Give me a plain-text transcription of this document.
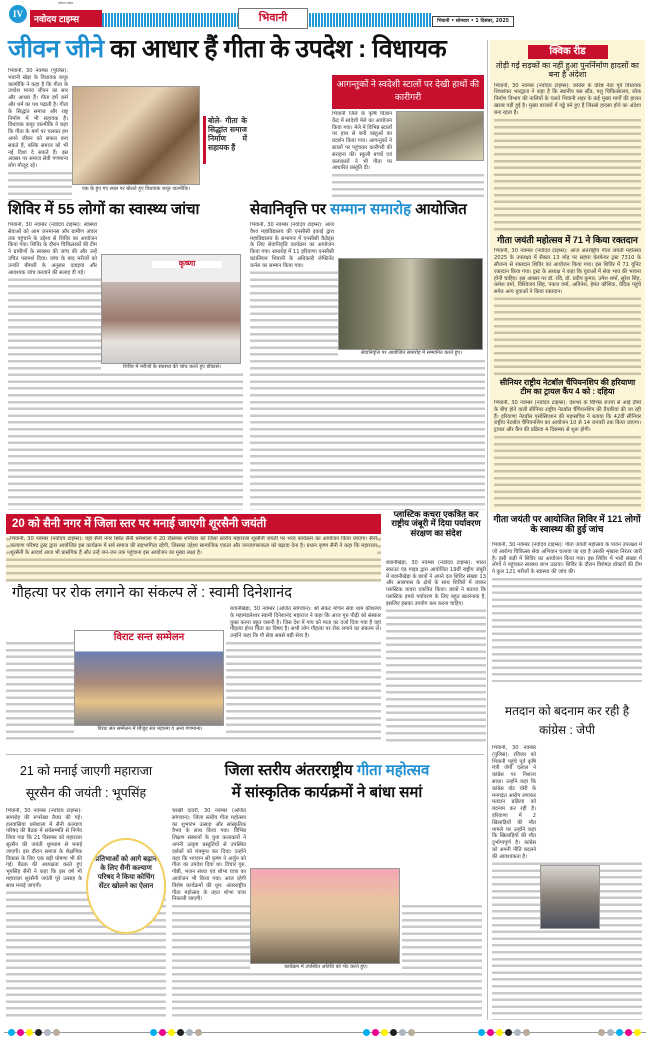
IV
नवोदय टाइम्स
नवोदय टाइम्स	भिवानी	भिवानी • सोमवार • 1 दिसंबर, 2025
जीवन जीने का आधार हैं गीता के उपदेश : विधायक
एक के हुए गए स्थल पर बोलते हुए विधायक कपूर वाल्मीकि।
बोले- गीता के सिद्धांत समाज निर्माण में सहायक हैं

भिवानी, 30 नवम्बर (पुलिस): भवानी खेड़ा के विधायक कपूर वाल्मीकि ने कहा है कि गीता के उपदेश मानव जीवन का सार और आधार हैं। गीता हमें कर्म और धर्म का पथ पढ़ाती है। गीता के सिद्धांत समाज और राष्ट्र निर्माण में भी सहायक हैं। विधायक कपूर वाल्मीकि ने कहा कि गीता के मार्ग पर चलकर हम अपने जीवन को सफल बना सकते हैं, बल्कि समाज को भी नई दिशा दे सकते हैं। इस अवसर पर समाज सेवी गणमान्य लोग मौजूद रहे।

आगन्तुकों ने स्वदेशी स्टालों पर देखी हाथों की कारीगरी

भिवानी जिले के कृषि विज्ञान केंद्र में स्वदेशी मेले का आयोजन किया गया। मेले में विभिन्न स्टालों पर हाथ से बनी वस्तुओं का प्रदर्शन किया गया। आगन्तुकों ने स्टालों पर पहुंचकर कारीगरी की सराहना की। स्कूली बच्चों एवं कलाकारों ने भी गीता पर आधारित प्रस्तुति दी।

शिविर में 55 लोगों का स्वास्थ्य जांचा
कृष्णा
शिविर में मरीजों के स्वास्थ्य की जांच करते हुए डॉक्टर्स।

भिवानी, 30 नवम्बर (नवोदय टाइम्स): स्वास्थ्य सेवाओं को आम जनमानस और ग्रामीण अंचल तक पहुंचाने के उद्देश्य से शिविर का आयोजन किया गया। शिविर के दौरान चिकित्सकों की टीम ने ग्रामीणों के स्वास्थ्य की जांच की और उन्हें उचित परामर्श दिया। जांच के बाद मरीजों को उनकी बीमारी के अनुसार दवाइयां और आवश्यक जांच करवाने की सलाह दी गई।

सेवानिवृत्ति पर सम्मान समारोह आयोजित
सेवानिवृत्ति पर आयोजित समारोह में सम्मानित करते हुए।

भिवानी, 30 नवम्बर (नवोदय टाइम्स): आज वैश्य महाविद्यालय की एनसीसी इकाई द्वारा महाविद्यालय के सभागार में एनसीसी कैडेट्स के लिए सेवानिवृत्ति कार्यक्रम का आयोजन किया गया। समारोह में 11 हरियाणा एनसीसी बटालियन भिवानी के अधिकारी लेफ्टिनेंट कर्नल का सम्मान किया गया।

क्विक रीड
तोड़ी गई सड़कों का नहीं हुआ पुनर्निर्माण हादसों का बना है अंदेशा

भिवानी, 30 नवम्बर (नवोदय टाइम्स): कांग्रेस के वरिष्ठ नेता पूर्व विधायक शिवशंकर भारद्वाज ने कहा है कि स्थानीय बस स्टैंड, पशु चिकित्सालय, लोक निर्माण विभाग की नालियों के चलते भिवानी शहर के कई मुख्य मार्गों की हालत खराब पड़ी हुई है। मुख्य बाजारों में गड्ढे बने हुए हैं जिससे हादसा होने का अंदेशा बना रहता है।

गीता जयंती महोत्सव में 71 ने किया रक्तदान

भिवानी, 30 नवम्बर (नवोदय टाइम्स): आज अंतर्राष्ट्रीय गीता जयंती महोत्सव 2025 के उपलक्ष्य में सैक्टर 13 मोड़ पर सहारा वेलफेयर ट्रस्ट 7310 के सौजन्य से रक्तदान शिविर का आयोजन किया गया। इस शिविर में 71 यूनिट रक्तदान किया गया। ट्रस्ट के अध्यक्ष ने कहा कि युवाओं में सेवा भाव की भावना होनी चाहिए। इस अवसर पर डॉ. रवि, डॉ. प्रदीप कुमार, उमेश शर्मा, सुरेश सिंह, कमेश वर्मा, विश्विजय सिंह, पंकज वर्मा, अविनेश, हेमंत कौशिक, वेदिक पहूंचे समेत अन्य युवाओं ने किया रक्तदान।

सीनियर राष्ट्रीय नेटबॉल चैंपियनशिप की हरियाणा टीम का ट्रायल कैंप 4 को : दहिया

भिवानी, 30 नवम्बर (नवोदय टाइम्स): देशभर के विभिन्न राज्यों से आई टीमों के बीच होने वाली सीनियर राष्ट्रीय नेटबॉल चैंपियनशिप की तैयारियां की जा रही हैं। हरियाणा नेटबॉल एसोसिएशन की महासचिव ने बताया कि 42वीं सीनियर राष्ट्रीय नेटबॉल चैंपियनशिप का आयोजन 10 से 14 जनवरी तक किया जाएगा। ट्रायल और कैंप की प्रक्रिया 4 दिसम्बर से शुरू होगी।

गीता जयंती पर आयोजित शिविर में 121 लोगों के स्वास्थ्य की हुई जांच

भिवानी, 30 नवम्बर (नवोदय टाइम्स): गीता जयंती महोत्सव के पावन उपलक्ष्य में जो आरोग्य चिकित्सा सेवा अभियान चलाया जा रहा है उसकी शृंखला निरंतर जारी है। इसी कड़ी में शिविर का आयोजन किया गया। इस शिविर में भारी संख्या में लोगों ने पहुंचकर स्वास्थ्य लाभ उठाया। शिविर के दौरान विशेषज्ञ डॉक्टरों की टीम ने कुल 121 मरीजों के स्वास्थ्य की जांच की।

20 को सैनी नगर में जिला स्तर पर मनाई जाएगी शूरसैनी जयंती

भिवानी, 30 नवम्बर (नवोदय टाइम्स): यहां सैनी नगर स्थित सैनी धर्मशाला में 20 दिसम्बर शनिवार को जिला स्तरीय महाराजा शूरसैनी जयंती पर भव्य कार्यक्रम का आयोजन किया जाएगा। सैनी कल्याण परिषद ट्रस्ट द्वारा आयोजित इस कार्यक्रम में सर्व समाज की सहभागिता रहेगी, जिसका उद्देश्य सामाजिक एकता और जनजागरूकता को बढ़ावा देना है। प्रधान कृष्ण सैनी ने कहा कि महाराजा शूरसैनी के आदर्श आज भी प्रासंगिक हैं और उन्हें जन-जन तक पहुंचाना इस आयोजन का मुख्य लक्ष्य है।

प्लास्टिक कचरा एकत्रित कर राष्ट्रीय जंबूरी में दिया पर्यावरण संरक्षण का संदेश

बवानीखेड़ा, 30 नवम्बर (नवोदय टाइम्स): भारत स्काउट एंड गाइड द्वारा आयोजित 19वीं राष्ट्रीय जंबूरी में बवानीखेड़ा के छात्रों ने अपने दल शिविर संख्या 13 और आसपास के क्षेत्रों के साथ शिविरों में जाकर प्लास्टिक कचरा एकत्रित किया। छात्रों ने बताया कि प्लास्टिक हमारे पर्यावरण के लिए बहुत खतरनाक है, इसलिए इसका उपयोग कम करना चाहिए।

गौहत्या पर रोक लगाने का संकल्प लें : स्वामी दिनेशानंद
विराट सन्त सम्मेलन
विराट संत सम्मेलन में मौजूद संत महात्मा व अन्य गणमान्य।

बवानीखेड़ा, 30 नवम्बर (अजित सांगवान): श्री संकट मोचन सेवा धाम कौशल्या के महामंडलेश्वर स्वामी दिनेशानंद महाराज ने कहा कि आज गुरु पीढ़ी को संस्कार युक्त करना बहुत जरूरी है। जिस देश में गाय को माता का दर्जा दिया गया है वहां गौहत्या होना चिंता का विषय है। सभी लोग गौहत्या पर रोक लगाने का संकल्प लें। उन्होंने कहा कि गौ सेवा सबसे बड़ी सेवा है।

21 को मनाई जाएगी महाराजा सूरसैन की जयंती : भूपसिंह
प्रतिभाओं को आगे बढ़ाने के लिए सैनी कल्याण परिषद ने किया कोचिंग सेंटर खोलने का ऐलान

भिवानी, 30 नवम्बर (नवोदय टाइम्स): समारोह की रूपरेखा तैयार की गई। हलवासिया धर्मशाला में सैनी कल्याण परिषद की बैठक में सर्वसम्मति से निर्णय लिया गया कि 21 दिसम्बर को महाराजा सूरसैन की जयंती धूमधाम से मनाई जाएगी। इस दौरान समाज के शैक्षणिक विकास के लिए एक बड़ी घोषणा भी की गई। बैठक की अध्यक्षता करते हुए भूपसिंह सैनी ने कहा कि इस वर्ष भी महाराजा शूरसैनी जयंती पूरे उत्साह के साथ मनाई जाएगी।

जिला स्तरीय अंतरराष्ट्रीय गीता महोत्सव
में सांस्कृतिक कार्यक्रमों ने बांधा समां
कार्यक्रम में उपस्थित अतिथि को भेंट करते हुए।

चरखी दादरी, 30 नवम्बर (अजित सांगवान): जिला स्तरीय गीता महोत्सव का शुभारंभ उत्साह और सांस्कृतिक वैभव के साथ किया गया। विभिन्न शिक्षण संस्थानों के युवा कलाकारों ने अपनी उत्कृष्ट प्रस्तुतियों से उपस्थित दर्शकों को मंत्रमुग्ध कर दिया। उन्होंने कहा कि भगवान श्री कृष्ण ने अर्जुन को गीता का उपदेश दिया था। विचार गुरु, गोष्ठी, भजन संध्या एवं शोभा यात्रा का आयोजन भी किया गया। आज रहेगी विशेष कार्यक्रमों की धूम: अंतरराष्ट्रीय गीता महोत्सव के तहत शोभा यात्रा निकाली जाएगी।

मतदान को बदनाम कर रही है कांग्रेस : जेपी

भिवानी, 30 नवम्बर (पुलिस): रविवार को भिवानी पहुंचे पूर्व कृषि मंत्री जेपी दलाल ने कांग्रेस पर निशाना साधा। उन्होंने कहा कि कांग्रेस वोट चोरी के मनगढ़ंत आरोप लगाकर मतदान प्रक्रिया को बदनाम कर रही है। हरियाणा में 2 खिलाड़ियों की मौत मामले पर उन्होंने कहा कि खिलाड़ियों की मौत दुर्भाग्यपूर्ण है। कांग्रेस को अपनी नीति बदलने की आवश्यकता है।
